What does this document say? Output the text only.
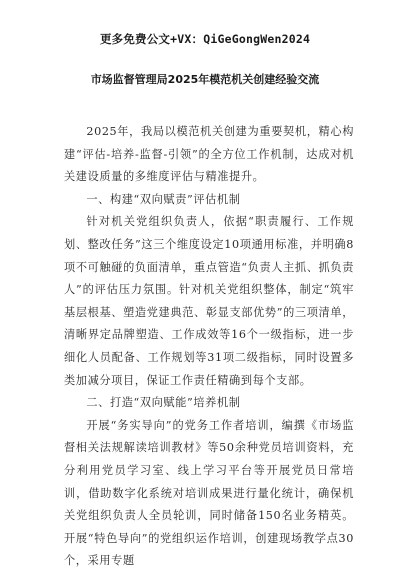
更多免费公文+VX：QiGeGongWen2024
市场监督管理局2025年模范机关创建经验交流

2025年，我局以模范机关创建为重要契机，精心构建“评估-培养-监督-引领”的全方位工作机制，达成对机关建设质量的多维度评估与精准提升。

一、构建“双向赋责”评估机制

针对机关党组织负责人，依据“职责履行、工作规划、整改任务”这三个维度设定10项通用标准，并明确8项不可触碰的负面清单，重点管造“负责人主抓、抓负责人”的评估压力氛围。针对机关党组织整体，制定“筑牢基层根基、塑造党建典范、彰显支部优势”的三项清单，清晰界定品牌塑造、工作成效等16个一级指标，进一步细化人员配备、工作规划等31项二级指标，同时设置多类加减分项目，保证工作责任精确到每个支部。

二、打造“双向赋能”培养机制

开展“务实导向”的党务工作者培训，编撰《市场监督相关法规解读培训教材》等50余种党员培训资料，充分利用党员学习室、线上学习平台等开展党员日常培训，借助数字化系统对培训成果进行量化统计，确保机关党组织负责人全员轮训，同时储备150名业务精英。开展“特色导向”的党组织运作培训，创建现场教学点30个，采用专题
